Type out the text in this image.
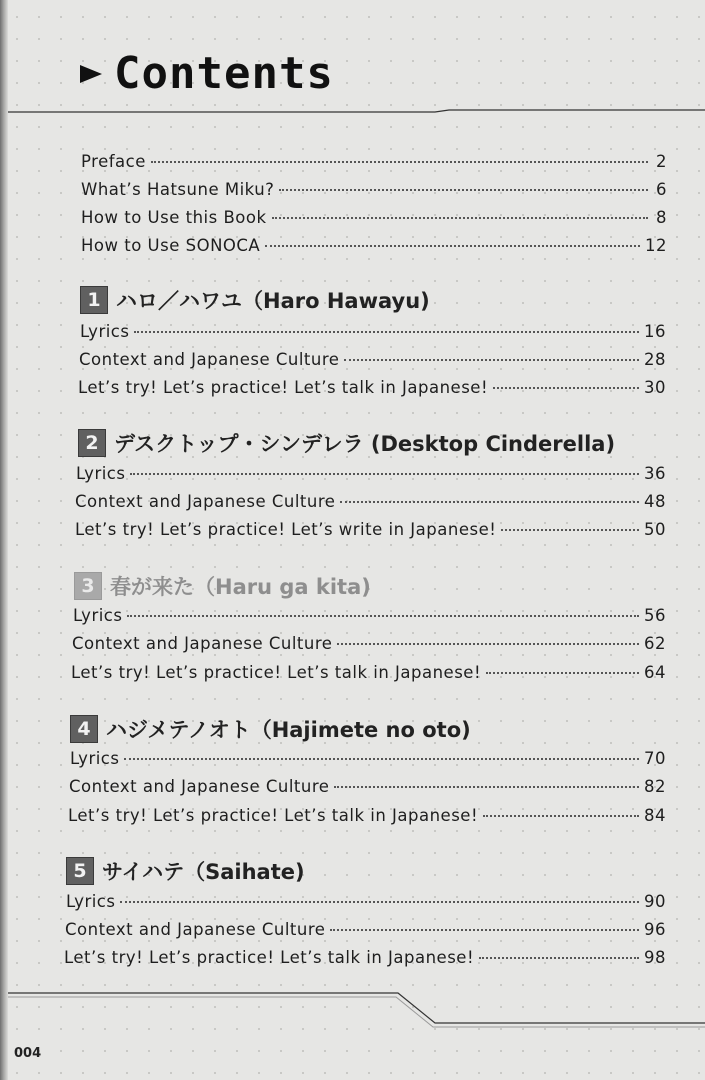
Contents
Preface	2
What’s Hatsune Miku?	6
How to Use this Book	8
How to Use SONOCA	12
1 ハロ／ハワユ（Haro Hawayu)
Lyrics	16
Context and Japanese Culture	28
Let’s try! Let’s practice! Let’s talk in Japanese!	30
2 デスクトップ・シンデレラ (Desktop Cinderella)
Lyrics	36
Context and Japanese Culture	48
Let’s try! Let’s practice! Let’s write in Japanese!	50
3 春が来た（Haru ga kita)
Lyrics	56
Context and Japanese Culture	62
Let’s try! Let’s practice! Let’s talk in Japanese!	64
4 ハジメテノオト（Hajimete no oto)
Lyrics	70
Context and Japanese Culture	82
Let’s try! Let’s practice! Let’s talk in Japanese!	84
5 サイハテ（Saihate)
Lyrics	90
Context and Japanese Culture	96
Let’s try! Let’s practice! Let’s talk in Japanese!	98
004
